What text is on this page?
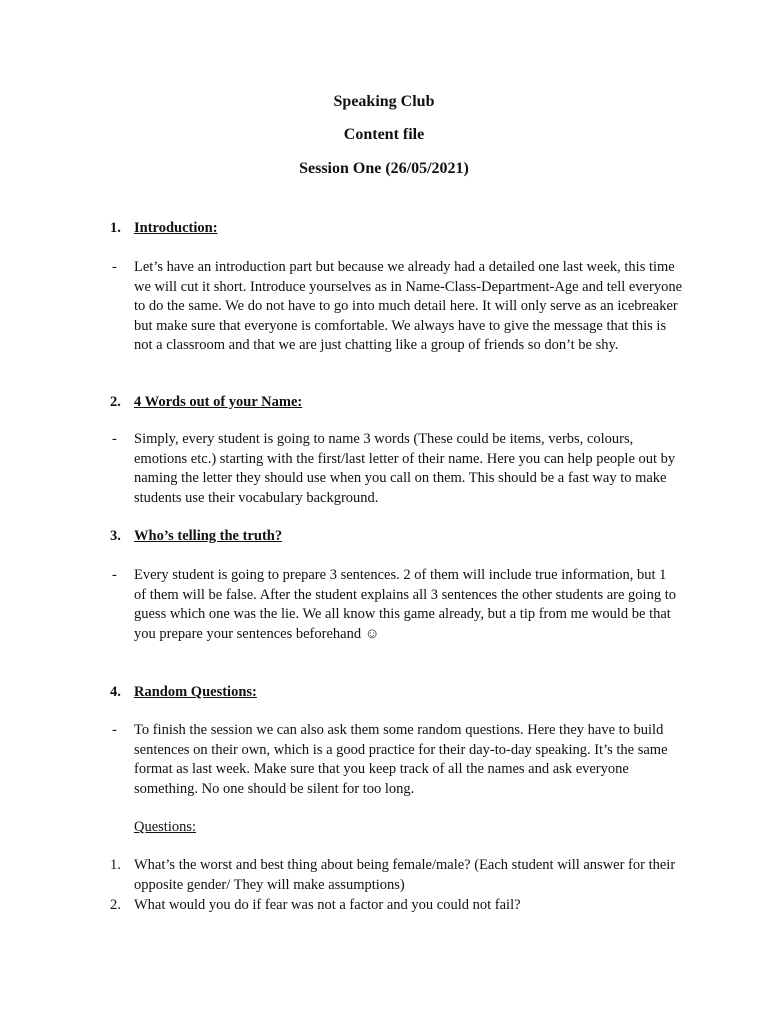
Speaking Club
Content file
Session One (26/05/2021)
1. Introduction:
- Let’s have an introduction part but because we already had a detailed one last week, this time we will cut it short. Introduce yourselves as in Name-Class-Department-Age and tell everyone to do the same. We do not have to go into much detail here. It will only serve as an icebreaker but make sure that everyone is comfortable. We always have to give the message that this is not a classroom and that we are just chatting like a group of friends so don’t be shy.
2. 4 Words out of your Name:
- Simply, every student is going to name 3 words (These could be items, verbs, colours, emotions etc.) starting with the first/last letter of their name. Here you can help people out by naming the letter they should use when you call on them. This should be a fast way to make students use their vocabulary background.
3. Who’s telling the truth?
- Every student is going to prepare 3 sentences. 2 of them will include true information, but 1 of them will be false. After the student explains all 3 sentences the other students are going to guess which one was the lie. We all know this game already, but a tip from me would be that you prepare your sentences beforehand ☺
4. Random Questions:
- To finish the session we can also ask them some random questions. Here they have to build sentences on their own, which is a good practice for their day-to-day speaking. It’s the same format as last week. Make sure that you keep track of all the names and ask everyone something. No one should be silent for too long.
Questions:
1. What’s the worst and best thing about being female/male? (Each student will answer for their opposite gender/ They will make assumptions)
2. What would you do if fear was not a factor and you could not fail?
